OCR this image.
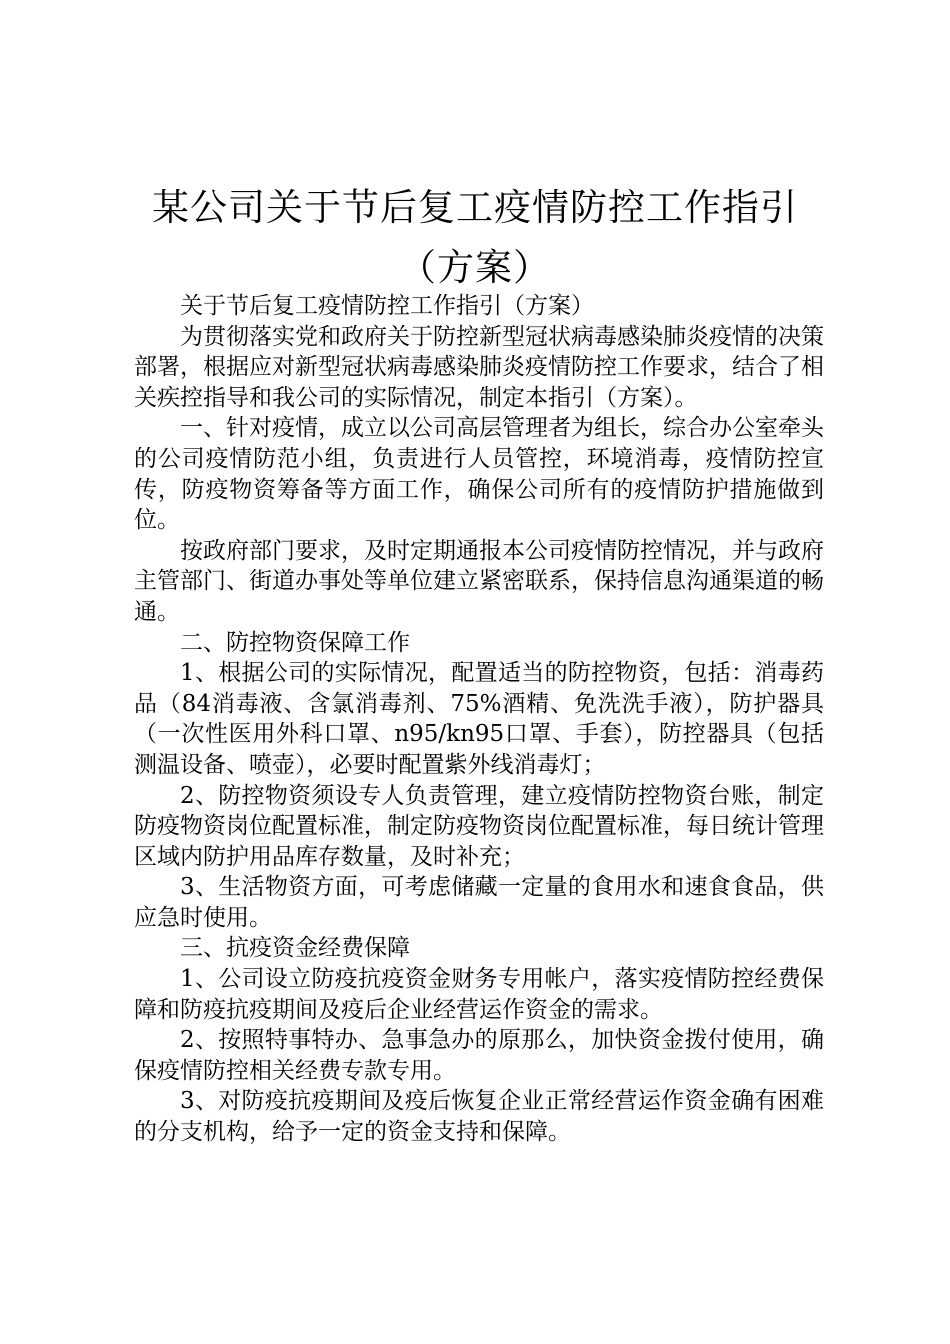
某公司关于节后复工疫情防控工作指引（方案）

关于节后复工疫情防控工作指引（方案）

为贯彻落实党和政府关于防控新型冠状病毒感染肺炎疫情的决策部署，根据应对新型冠状病毒感染肺炎疫情防控工作要求，结合了相关疾控指导和我公司的实际情况，制定本指引（方案）。

一、针对疫情，成立以公司高层管理者为组长，综合办公室牵头的公司疫情防范小组，负责进行人员管控，环境消毒，疫情防控宣传，防疫物资筹备等方面工作，确保公司所有的疫情防护措施做到位。

按政府部门要求，及时定期通报本公司疫情防控情况，并与政府主管部门、街道办事处等单位建立紧密联系，保持信息沟通渠道的畅通。

二、防控物资保障工作

1、根据公司的实际情况，配置适当的防控物资，包括：消毒药品（84消毒液、含氯消毒剂、75%酒精、免洗洗手液），防护器具（一次性医用外科口罩、n95/kn95口罩、手套），防控器具（包括测温设备、喷壶），必要时配置紫外线消毒灯；

2、防控物资须设专人负责管理，建立疫情防控物资台账，制定防疫物资岗位配置标准，制定防疫物资岗位配置标准，每日统计管理区域内防护用品库存数量，及时补充；

3、生活物资方面，可考虑储藏一定量的食用水和速食食品，供应急时使用。

三、抗疫资金经费保障

1、公司设立防疫抗疫资金财务专用帐户，落实疫情防控经费保障和防疫抗疫期间及疫后企业经营运作资金的需求。

2、按照特事特办、急事急办的原那么，加快资金拨付使用，确保疫情防控相关经费专款专用。

3、对防疫抗疫期间及疫后恢复企业正常经营运作资金确有困难的分支机构，给予一定的资金支持和保障。
